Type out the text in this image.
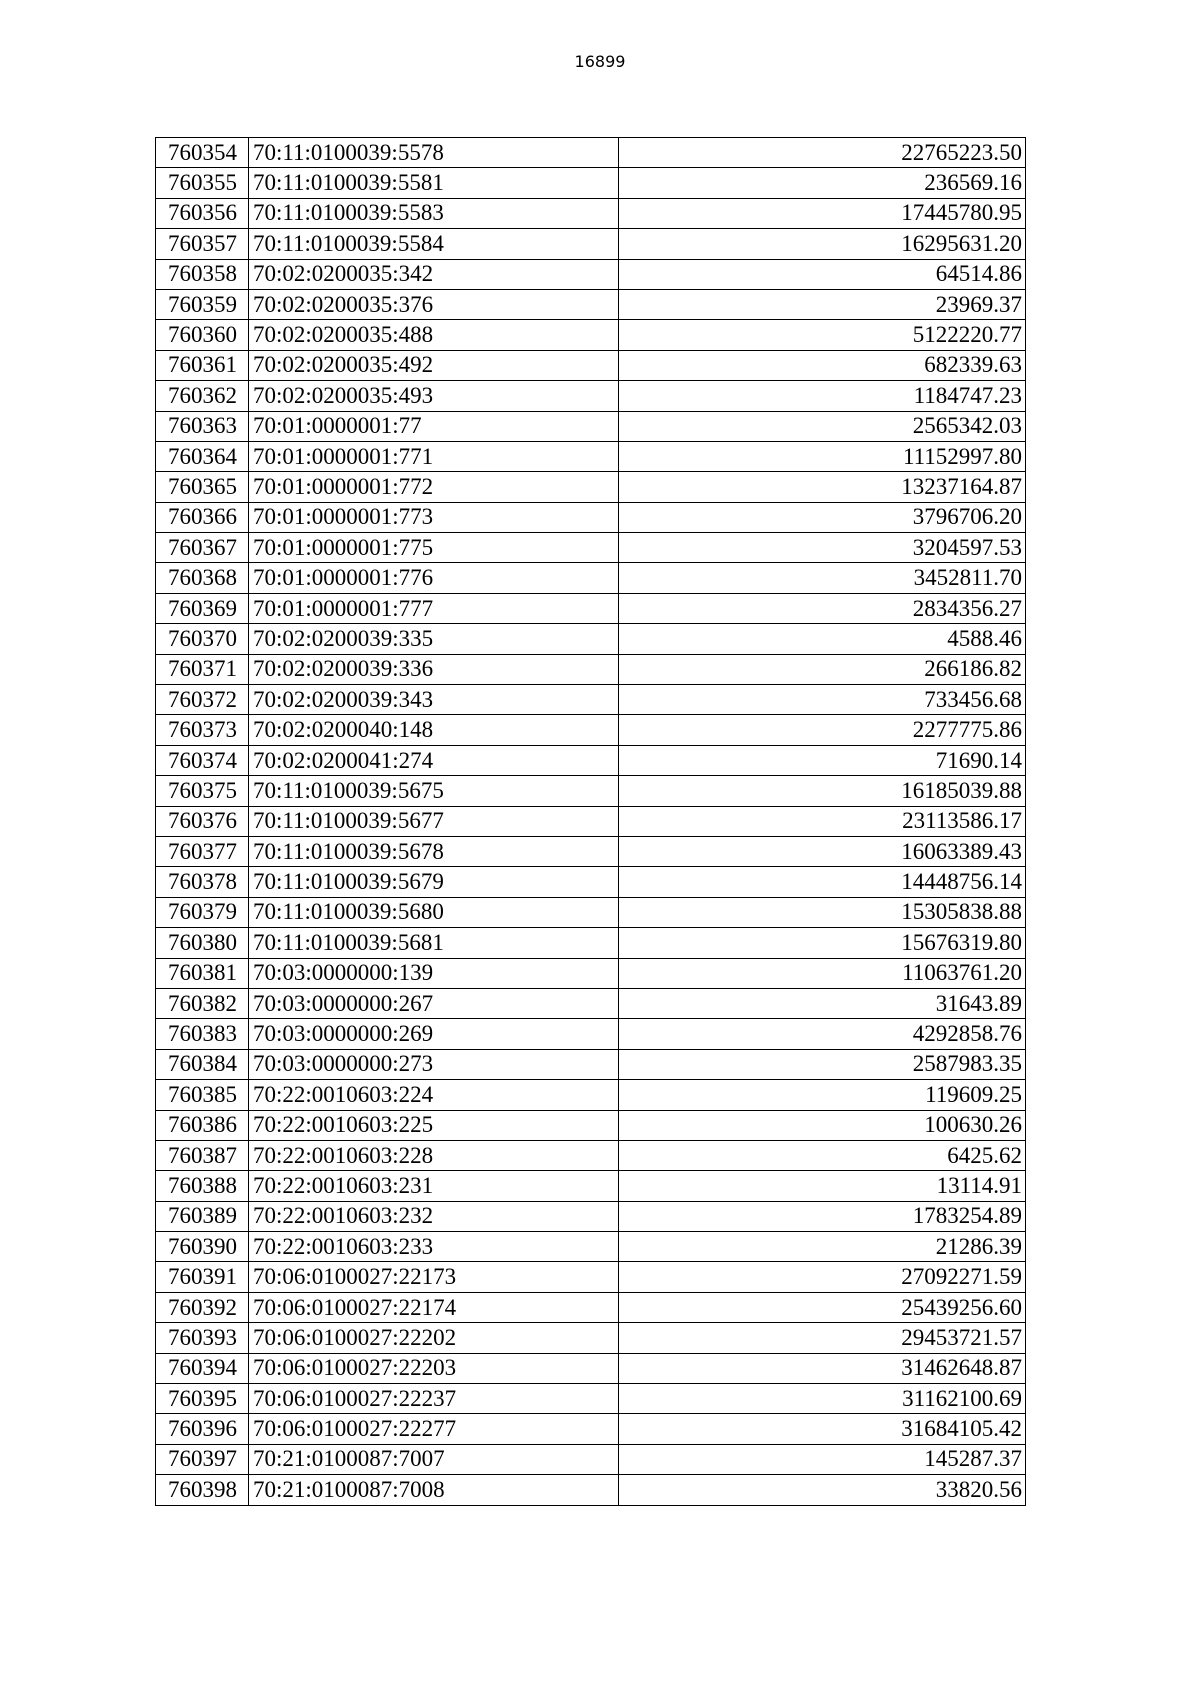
16899
760354	70:11:0100039:5578	22765223.50
760355	70:11:0100039:5581	236569.16
760356	70:11:0100039:5583	17445780.95
760357	70:11:0100039:5584	16295631.20
760358	70:02:0200035:342	64514.86
760359	70:02:0200035:376	23969.37
760360	70:02:0200035:488	5122220.77
760361	70:02:0200035:492	682339.63
760362	70:02:0200035:493	1184747.23
760363	70:01:0000001:77	2565342.03
760364	70:01:0000001:771	11152997.80
760365	70:01:0000001:772	13237164.87
760366	70:01:0000001:773	3796706.20
760367	70:01:0000001:775	3204597.53
760368	70:01:0000001:776	3452811.70
760369	70:01:0000001:777	2834356.27
760370	70:02:0200039:335	4588.46
760371	70:02:0200039:336	266186.82
760372	70:02:0200039:343	733456.68
760373	70:02:0200040:148	2277775.86
760374	70:02:0200041:274	71690.14
760375	70:11:0100039:5675	16185039.88
760376	70:11:0100039:5677	23113586.17
760377	70:11:0100039:5678	16063389.43
760378	70:11:0100039:5679	14448756.14
760379	70:11:0100039:5680	15305838.88
760380	70:11:0100039:5681	15676319.80
760381	70:03:0000000:139	11063761.20
760382	70:03:0000000:267	31643.89
760383	70:03:0000000:269	4292858.76
760384	70:03:0000000:273	2587983.35
760385	70:22:0010603:224	119609.25
760386	70:22:0010603:225	100630.26
760387	70:22:0010603:228	6425.62
760388	70:22:0010603:231	13114.91
760389	70:22:0010603:232	1783254.89
760390	70:22:0010603:233	21286.39
760391	70:06:0100027:22173	27092271.59
760392	70:06:0100027:22174	25439256.60
760393	70:06:0100027:22202	29453721.57
760394	70:06:0100027:22203	31462648.87
760395	70:06:0100027:22237	31162100.69
760396	70:06:0100027:22277	31684105.42
760397	70:21:0100087:7007	145287.37
760398	70:21:0100087:7008	33820.56
